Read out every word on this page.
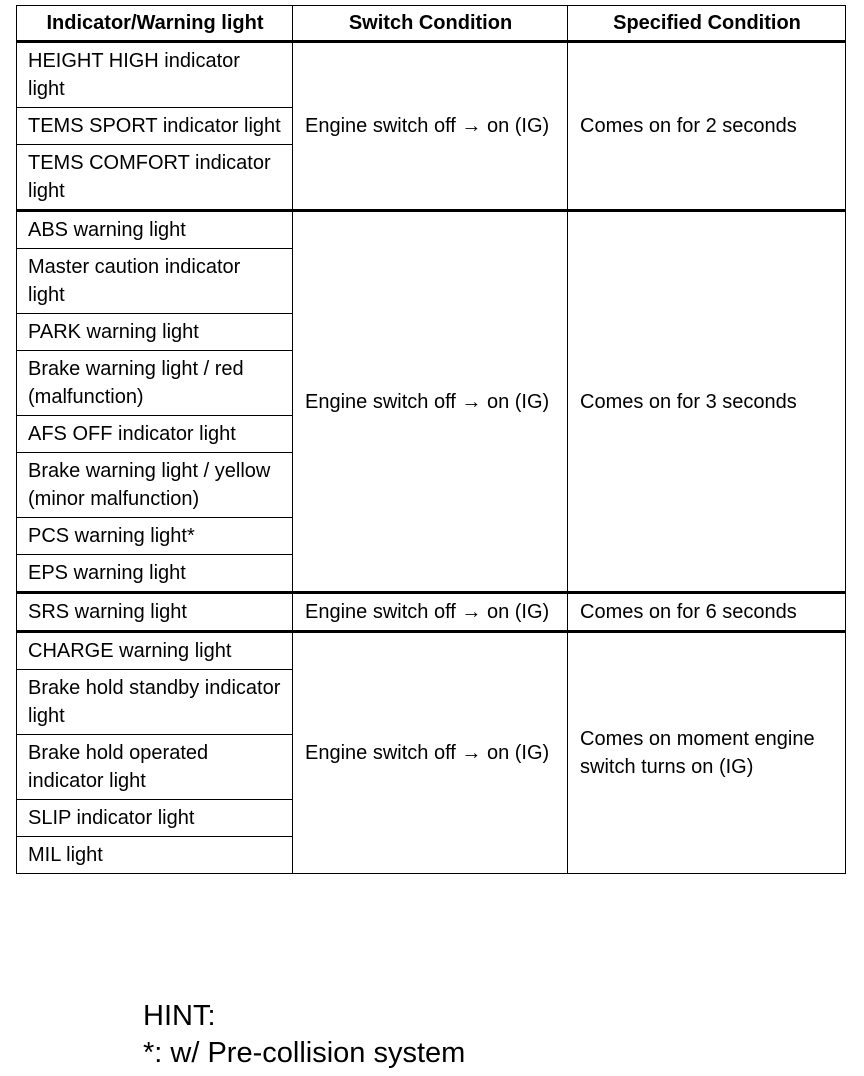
Indicator/Warning light	Switch Condition	Specified Condition
HEIGHT HIGH indicator light	Engine switch off → on (IG)	Comes on for 2 seconds
TEMS SPORT indicator light		
TEMS COMFORT indicator light		
ABS warning light	Engine switch off → on (IG)	Comes on for 3 seconds
Master caution indicator light		
PARK warning light		
Brake warning light / red (malfunction)		
AFS OFF indicator light		
Brake warning light / yellow (minor malfunction)		
PCS warning light*		
EPS warning light		
SRS warning light	Engine switch off → on (IG)	Comes on for 6 seconds
CHARGE warning light	Engine switch off → on (IG)	Comes on moment engine switch turns on (IG)
Brake hold standby indicator light		
Brake hold operated indicator light		
SLIP indicator light		
MIL light		
HINT:
*: w/ Pre-collision system
